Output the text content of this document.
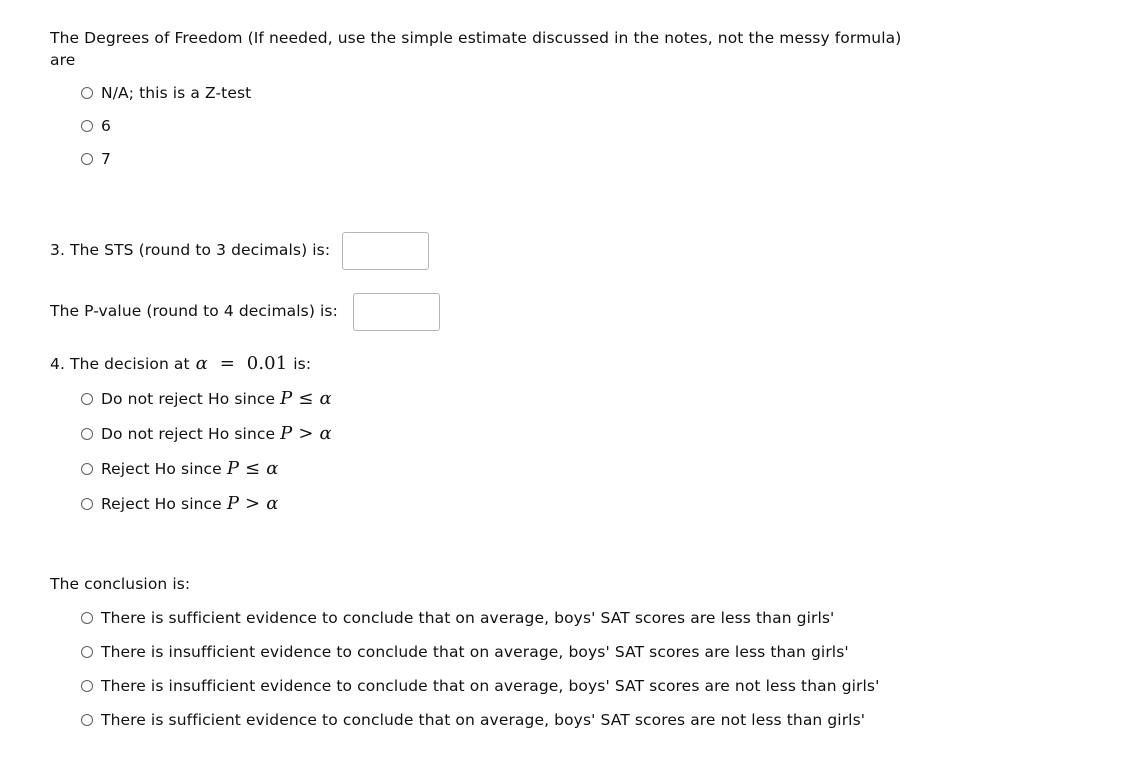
The Degrees of Freedom (If needed, use the simple estimate discussed in the notes, not the messy formula)
are
N/A; this is a Z-test
6
7
3. The STS (round to 3 decimals) is:
The P-value (round to 4 decimals) is:
4. The decision at α = 0.01 is:
Do not reject Ho since P ≤ α
Do not reject Ho since P > α
Reject Ho since P ≤ α
Reject Ho since P > α
The conclusion is:
There is sufficient evidence to conclude that on average, boys' SAT scores are less than girls'
There is insufficient evidence to conclude that on average, boys' SAT scores are less than girls'
There is insufficient evidence to conclude that on average, boys' SAT scores are not less than girls'
There is sufficient evidence to conclude that on average, boys' SAT scores are not less than girls'
